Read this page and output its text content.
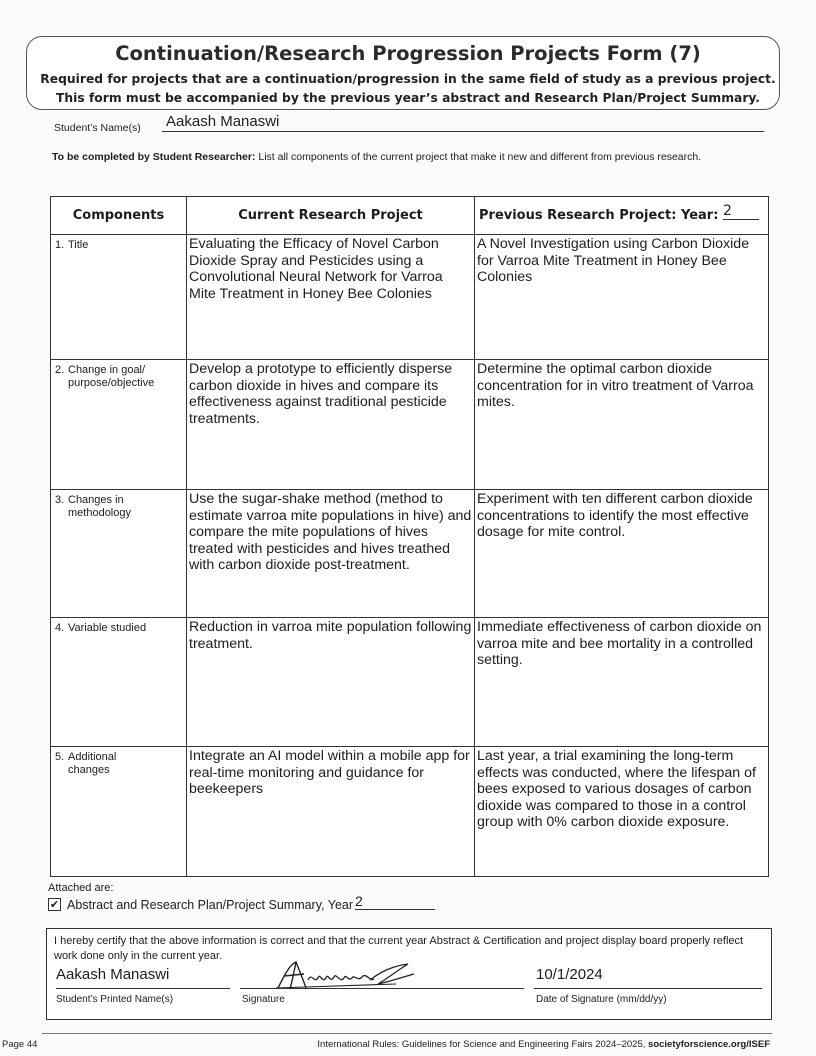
Continuation/Research Progression Projects Form (7)
Required for projects that are a continuation/progression in the same field of study as a previous project.
This form must be accompanied by the previous year’s abstract and Research Plan/Project Summary.
Student’s Name(s) Aakash Manaswi
To be completed by Student Researcher: List all components of the current project that make it new and different from previous research.
Components	Current Research Project	Previous Research Project: Year: 2
1. Title	Evaluating the Efficacy of Novel Carbon Dioxide Spray and Pesticides using a Convolutional Neural Network for Varroa Mite Treatment in Honey Bee Colonies	A Novel Investigation using Carbon Dioxide for Varroa Mite Treatment in Honey Bee Colonies
2. Change in goal/
purpose/objective	Develop a prototype to efficiently disperse carbon dioxide in hives and compare its effectiveness against traditional pesticide treatments.	Determine the optimal carbon dioxide concentration for in vitro treatment of Varroa mites.
3. Changes in
methodology	Use the sugar-shake method (method to estimate varroa mite populations in hive) and compare the mite populations of hives treated with pesticides and hives treathed with carbon dioxide post-treatment.	Experiment with ten different carbon dioxide concentrations to identify the most effective dosage for mite control.
4. Variable studied	Reduction in varroa mite population following treatment.	Immediate effectiveness of carbon dioxide on varroa mite and bee mortality in a controlled setting.
5. Additional
changes	Integrate an AI model within a mobile app for real-time monitoring and guidance for beekeepers	Last year, a trial examining the long-term effects was conducted, where the lifespan of bees exposed to various dosages of carbon dioxide was compared to those in a control group with 0% carbon dioxide exposure.
Attached are:
✔ Abstract and Research Plan/Project Summary, Year 2
I hereby certify that the above information is correct and that the current year Abstract & Certification and project display board properly reflect work done only in the current year.
Aakash Manaswi	10/1/2024
Student’s Printed Name(s)	Signature	Date of Signature (mm/dd/yy)
Page 44	International Rules: Guidelines for Science and Engineering Fairs 2024–2025, societyforscience.org/ISEF
